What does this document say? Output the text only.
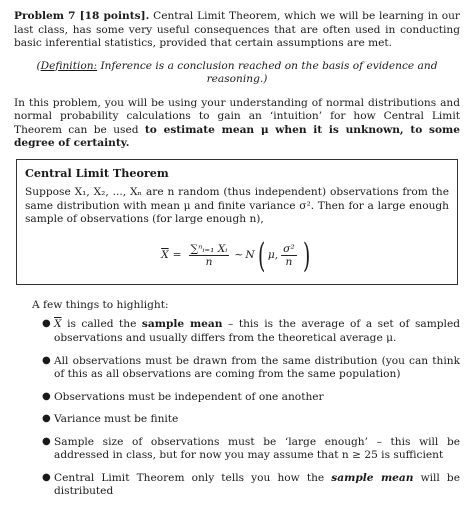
Problem 7 [18 points]. Central Limit Theorem, which we will be learning in our last class, has some very useful consequences that are often used in conducting basic inferential statistics, provided that certain assumptions are met.

(Definition: Inference is a conclusion reached on the basis of evidence and reasoning.)

In this problem, you will be using your understanding of normal distributions and normal probability calculations to gain an ‘intuition’ for how Central Limit Theorem can be used to estimate mean μ when it is unknown, to some degree of certainty.

Central Limit Theorem

Suppose X₁, X₂, ..., Xₙ are n random (thus independent) observations from the same distribution with mean μ and finite variance σ². Then for a large enough sample of observations (for large enough n),

$\overline{X} = \frac{\text{∑ⁿᵢ₌₁ Xᵢ}}{n}$ ∼ N ( μ, $\frac{\text{σ²}}{n}$ )

A few things to highlight:

● $\overline{X}$ is called the sample mean – this is the average of a set of sampled observations and usually differs from the theoretical average μ.
● All observations must be drawn from the same distribution (you can think of this as all observations are coming from the same population)
● Observations must be independent of one another
● Variance must be finite
● Sample size of observations must be ‘large enough’ – this will be addressed in class, but for now you may assume that n ≥ 25 is sufficient
● Central Limit Theorem only tells you how the sample mean will be distributed
